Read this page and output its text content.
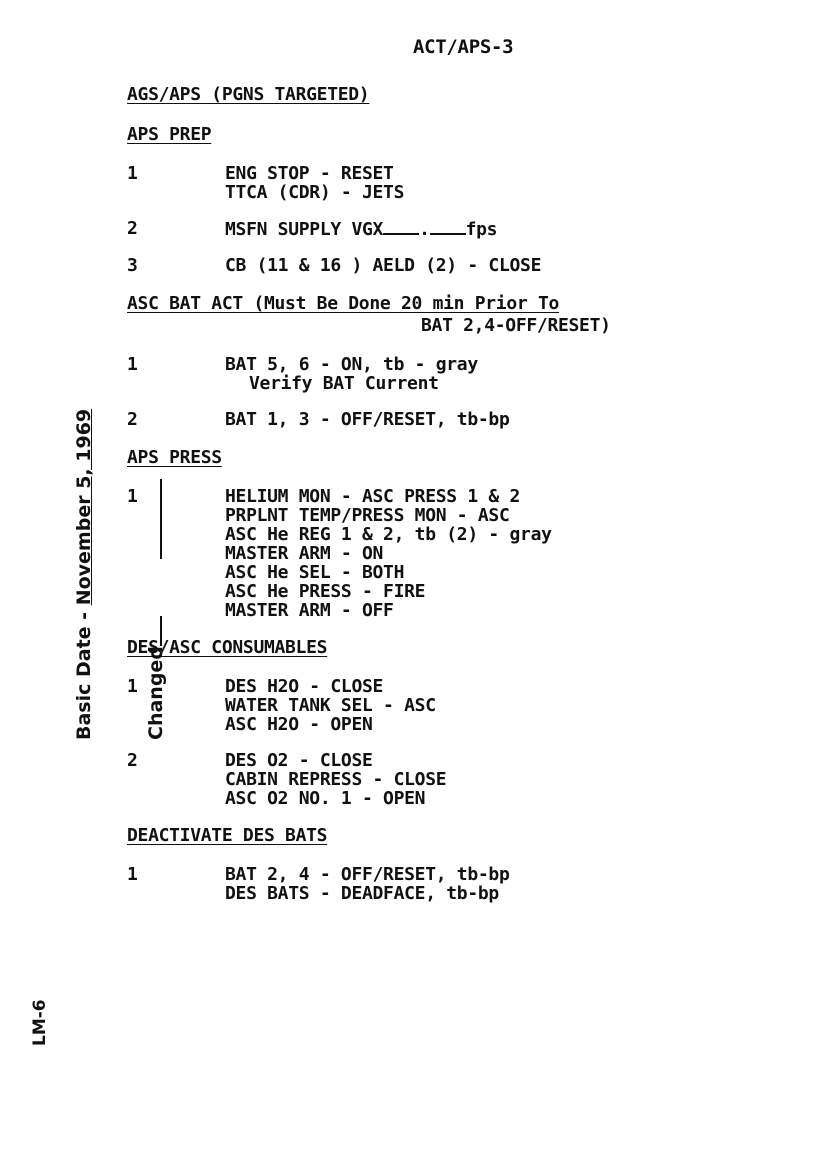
ACT/APS-3
AGS/APS (PGNS TARGETED)
APS PREP
1	ENG STOP - RESET
TTCA (CDR) - JETS
2	MSFN SUPPLY VGX . fps
3	CB (11 & 16 ) AELD (2) - CLOSE
ASC BAT ACT (Must Be Done 20 min Prior To
BAT 2,4-OFF/RESET)
1	BAT 5, 6 - ON, tb - gray
Verify BAT Current
2	BAT 1, 3 - OFF/RESET, tb-bp
APS PRESS
1	HELIUM MON - ASC PRESS 1 & 2
PRPLNT TEMP/PRESS MON - ASC
ASC He REG 1 & 2, tb (2) - gray
MASTER ARM - ON
ASC He SEL - BOTH
ASC He PRESS - FIRE
MASTER ARM - OFF
DES/ASC CONSUMABLES
1	DES H2O - CLOSE
WATER TANK SEL - ASC
ASC H2O - OPEN
2	DES O2 - CLOSE
CABIN REPRESS - CLOSE
ASC O2 NO. 1 - OPEN
DEACTIVATE DES BATS
1	BAT 2, 4 - OFF/RESET, tb-bp
DES BATS - DEADFACE, tb-bp

Basic Date - November 5, 1969

Changed   

LM-6
